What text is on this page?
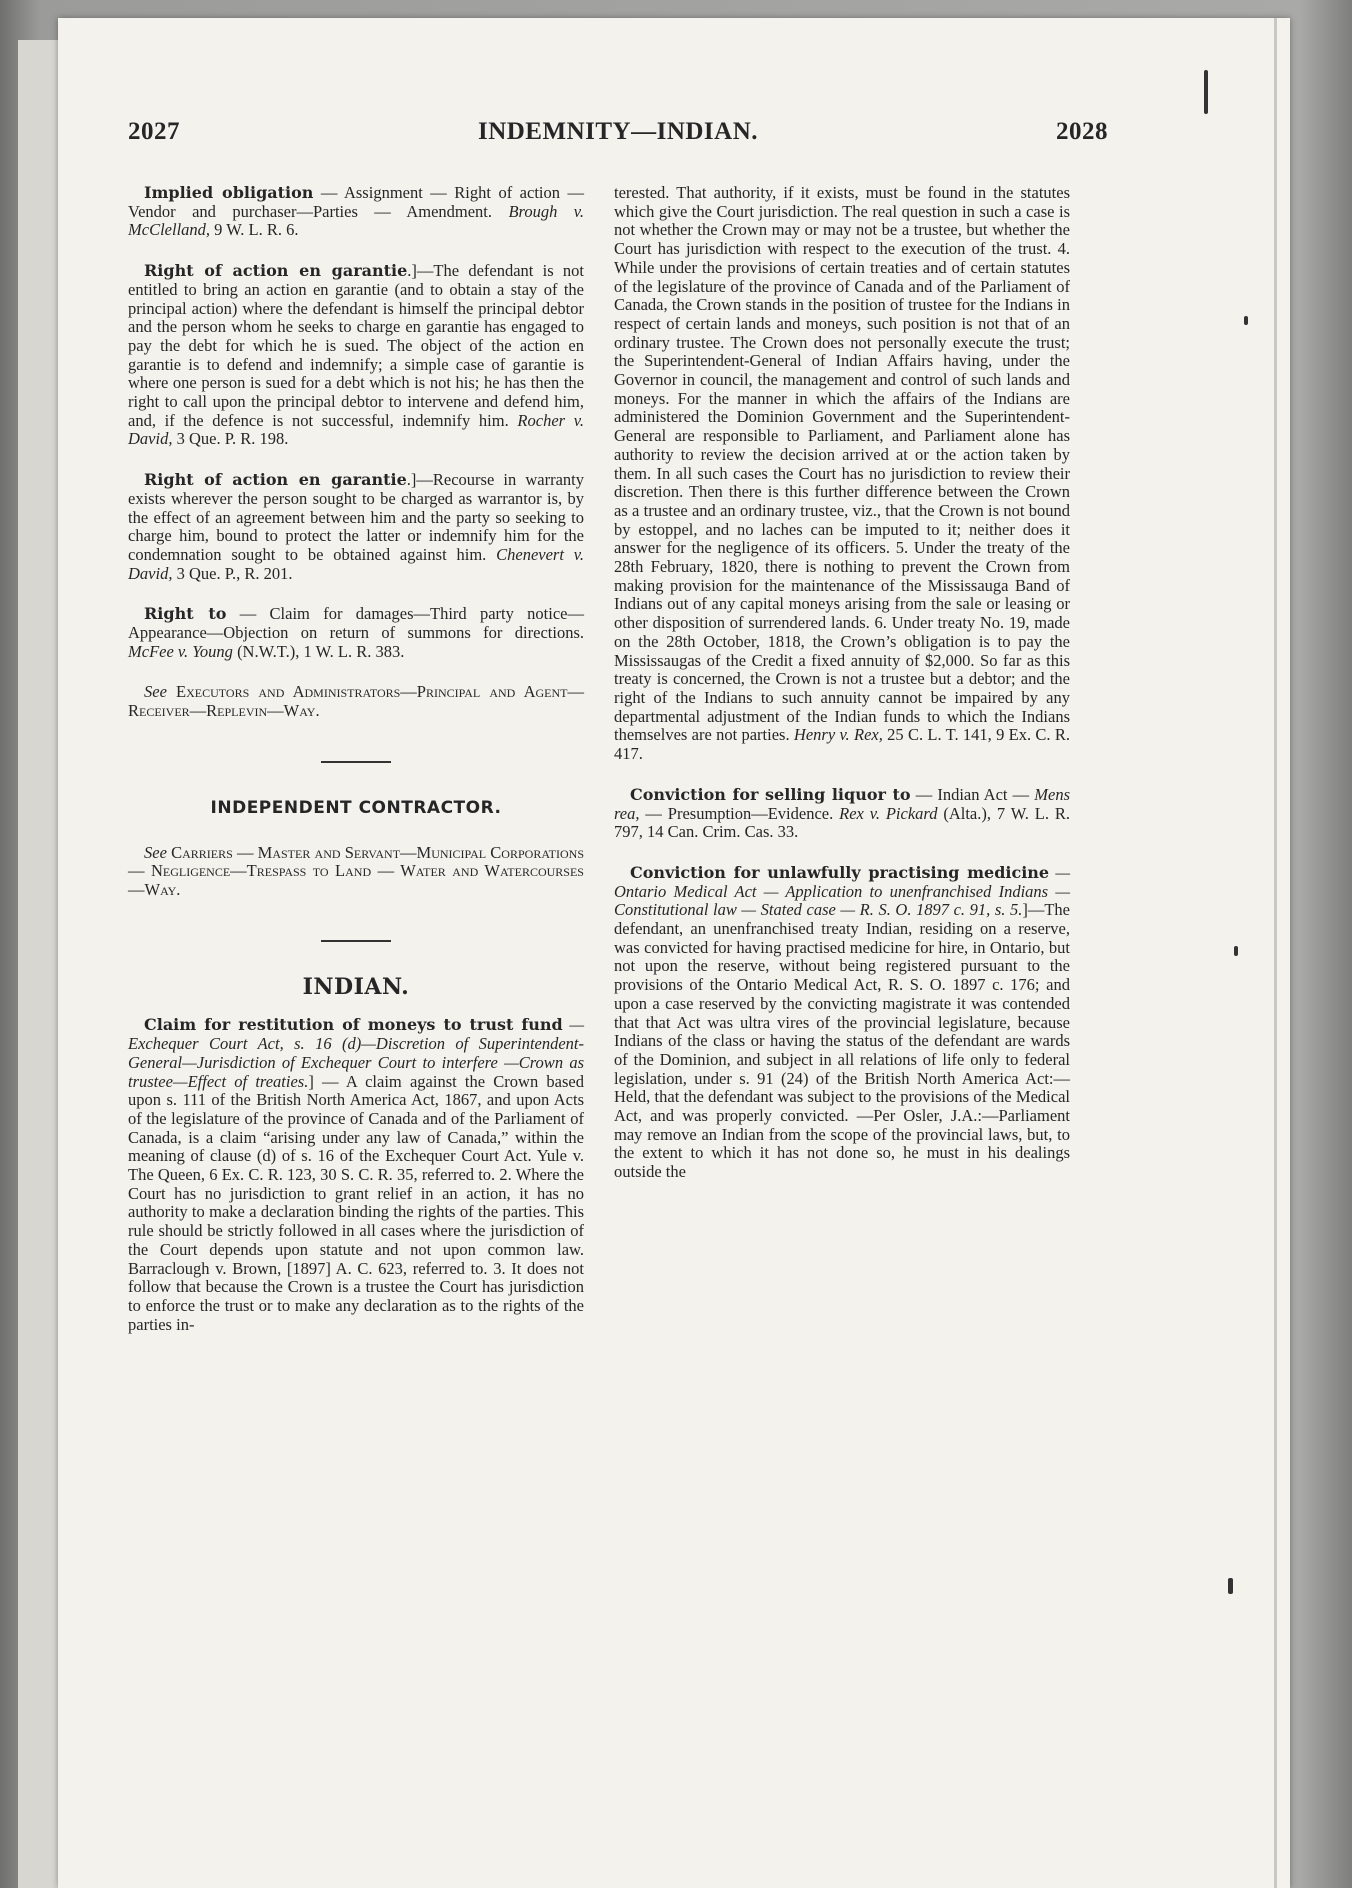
2027	INDEMNITY—INDIAN.	2028

Implied obligation — Assignment — Right of action — Vendor and purchaser—Parties — Amendment. Brough v. McClelland, 9 W. L. R. 6.

Right of action en garantie.]—The defendant is not entitled to bring an action en garantie (and to obtain a stay of the principal action) where the defendant is himself the principal debtor and the person whom he seeks to charge en garantie has engaged to pay the debt for which he is sued. The object of the action en garantie is to defend and indemnify; a simple case of garantie is where one person is sued for a debt which is not his; he has then the right to call upon the principal debtor to intervene and defend him, and, if the defence is not successful, indemnify him. Rocher v. David, 3 Que. P. R. 198.

Right of action en garantie.]—Recourse in warranty exists wherever the person sought to be charged as warrantor is, by the effect of an agreement between him and the party so seeking to charge him, bound to protect the latter or indemnify him for the condemnation sought to be obtained against him. Chenevert v. David, 3 Que. P., R. 201.

Right to — Claim for damages—Third party notice—Appearance—Objection on return of summons for directions. McFee v. Young (N.W.T.), 1 W. L. R. 383.

See Executors and Administrators—Principal and Agent—Receiver—Replevin—Way.

INDEPENDENT CONTRACTOR.

See Carriers — Master and Servant—Municipal Corporations — Negligence—Trespass to Land — Water and Watercourses—Way.

INDIAN.

Claim for restitution of moneys to trust fund — Exchequer Court Act, s. 16 (d)—Discretion of Superintendent-General—Jurisdiction of Exchequer Court to interfere —Crown as trustee—Effect of treaties.] — A claim against the Crown based upon s. 111 of the British North America Act, 1867, and upon Acts of the legislature of the province of Canada and of the Parliament of Canada, is a claim “arising under any law of Canada,” within the meaning of clause (d) of s. 16 of the Exchequer Court Act. Yule v. The Queen, 6 Ex. C. R. 123, 30 S. C. R. 35, referred to. 2. Where the Court has no jurisdiction to grant relief in an action, it has no authority to make a declaration binding the rights of the parties. This rule should be strictly followed in all cases where the jurisdiction of the Court depends upon statute and not upon common law. Barraclough v. Brown, [1897] A. C. 623, referred to. 3. It does not follow that because the Crown is a trustee the Court has jurisdiction to enforce the trust or to make any declaration as to the rights of the parties in-

terested. That authority, if it exists, must be found in the statutes which give the Court jurisdiction. The real question in such a case is not whether the Crown may or may not be a trustee, but whether the Court has jurisdiction with respect to the execution of the trust. 4. While under the provisions of certain treaties and of certain statutes of the legislature of the province of Canada and of the Parliament of Canada, the Crown stands in the position of trustee for the Indians in respect of certain lands and moneys, such position is not that of an ordinary trustee. The Crown does not personally execute the trust; the Superintendent-General of Indian Affairs having, under the Governor in council, the management and control of such lands and moneys. For the manner in which the affairs of the Indians are administered the Dominion Government and the Superintendent-General are responsible to Parliament, and Parliament alone has authority to review the decision arrived at or the action taken by them. In all such cases the Court has no jurisdiction to review their discretion. Then there is this further difference between the Crown as a trustee and an ordinary trustee, viz., that the Crown is not bound by estoppel, and no laches can be imputed to it; neither does it answer for the negligence of its officers. 5. Under the treaty of the 28th February, 1820, there is nothing to prevent the Crown from making provision for the maintenance of the Mississauga Band of Indians out of any capital moneys arising from the sale or leasing or other disposition of surrendered lands. 6. Under treaty No. 19, made on the 28th October, 1818, the Crown’s obligation is to pay the Mississaugas of the Credit a fixed annuity of $2,000. So far as this treaty is concerned, the Crown is not a trustee but a debtor; and the right of the Indians to such annuity cannot be impaired by any departmental adjustment of the Indian funds to which the Indians themselves are not parties. Henry v. Rex, 25 C. L. T. 141, 9 Ex. C. R. 417.

Conviction for selling liquor to — Indian Act — Mens rea, — Presumption—Evidence. Rex v. Pickard (Alta.), 7 W. L. R. 797, 14 Can. Crim. Cas. 33.

Conviction for unlawfully practising medicine — Ontario Medical Act — Application to unenfranchised Indians — Constitutional law — Stated case — R. S. O. 1897 c. 91, s. 5.]—The defendant, an unenfranchised treaty Indian, residing on a reserve, was convicted for having practised medicine for hire, in Ontario, but not upon the reserve, without being registered pursuant to the provisions of the Ontario Medical Act, R. S. O. 1897 c. 176; and upon a case reserved by the convicting magistrate it was contended that that Act was ultra vires of the provincial legislature, because Indians of the class or having the status of the defendant are wards of the Dominion, and subject in all relations of life only to federal legislation, under s. 91 (24) of the British North America Act:—Held, that the defendant was subject to the provisions of the Medical Act, and was properly convicted. —Per Osler, J.A.:—Parliament may remove an Indian from the scope of the provincial laws, but, to the extent to which it has not done so, he must in his dealings outside the
